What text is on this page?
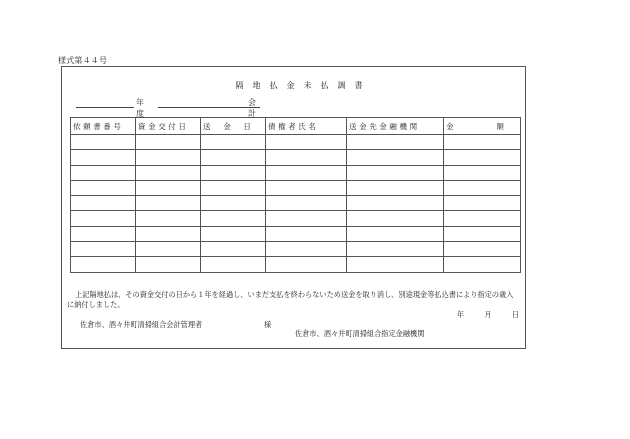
様式第４４号
隔地払金未払調書
年度
会計
依頼書番号	資金交付日	送　金　日	債権者氏名	送金先金融機関	金　　　　額

上記隔地払は、その資金交付の日から１年を経過し、いまだ支払を終わらないため送金を取り消し、別途現金等払込書により指定の歳入に納付しました。
年 月 日
佐倉市、酒々井町清掃組合会計管理者	様
佐倉市、酒々井町清掃組合指定金融機関
